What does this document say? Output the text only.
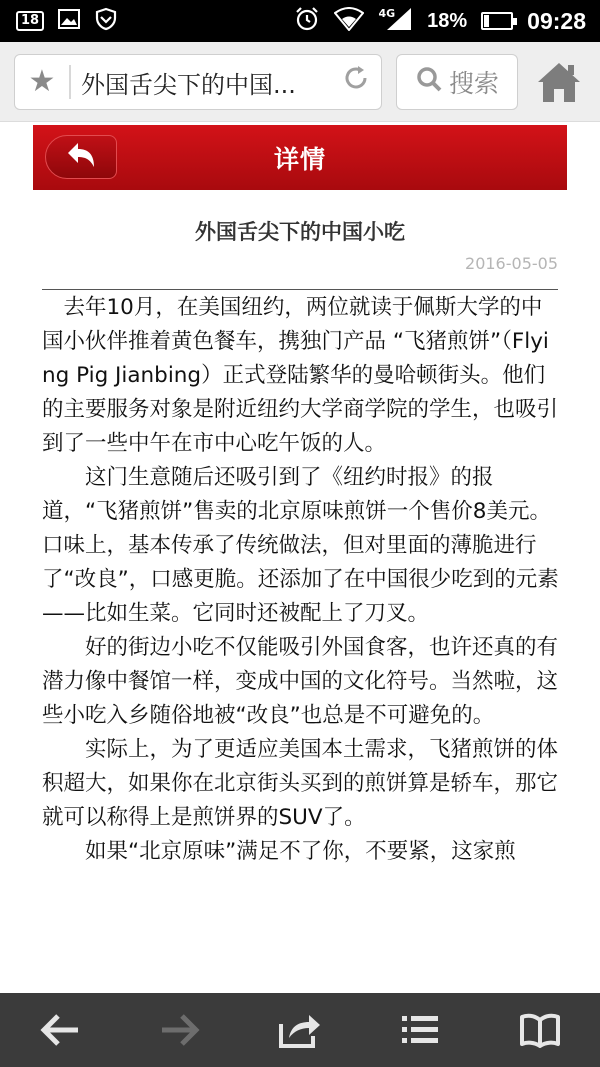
18	4G 18%	09:28
★	外国舌尖下的中国...	搜索
详情
外国舌尖下的中国小吃
2016-05-05

去年10月，在美国纽约，两位就读于佩斯大学的中国小伙伴推着黄色餐车，携独门产品 “飞猪煎饼”（Flying Pig Jianbing）正式登陆繁华的曼哈顿街头。他们的主要服务对象是附近纽约大学商学院的学生，也吸引到了一些中午在市中心吃午饭的人。

这门生意随后还吸引到了《纽约时报》的报道，“飞猪煎饼”售卖的北京原味煎饼一个售价8美元。口味上，基本传承了传统做法，但对里面的薄脆进行了“改良”，口感更脆。还添加了在中国很少吃到的元素——比如生菜。它同时还被配上了刀叉。

好的街边小吃不仅能吸引外国食客，也许还真的有潜力像中餐馆一样，变成中国的文化符号。当然啦，这些小吃入乡随俗地被“改良”也总是不可避免的。

实际上，为了更适应美国本土需求，飞猪煎饼的体积超大，如果你在北京街头买到的煎饼算是轿车，那它就可以称得上是煎饼界的SUV了。

如果“北京原味”满足不了你，不要紧，这家煎
